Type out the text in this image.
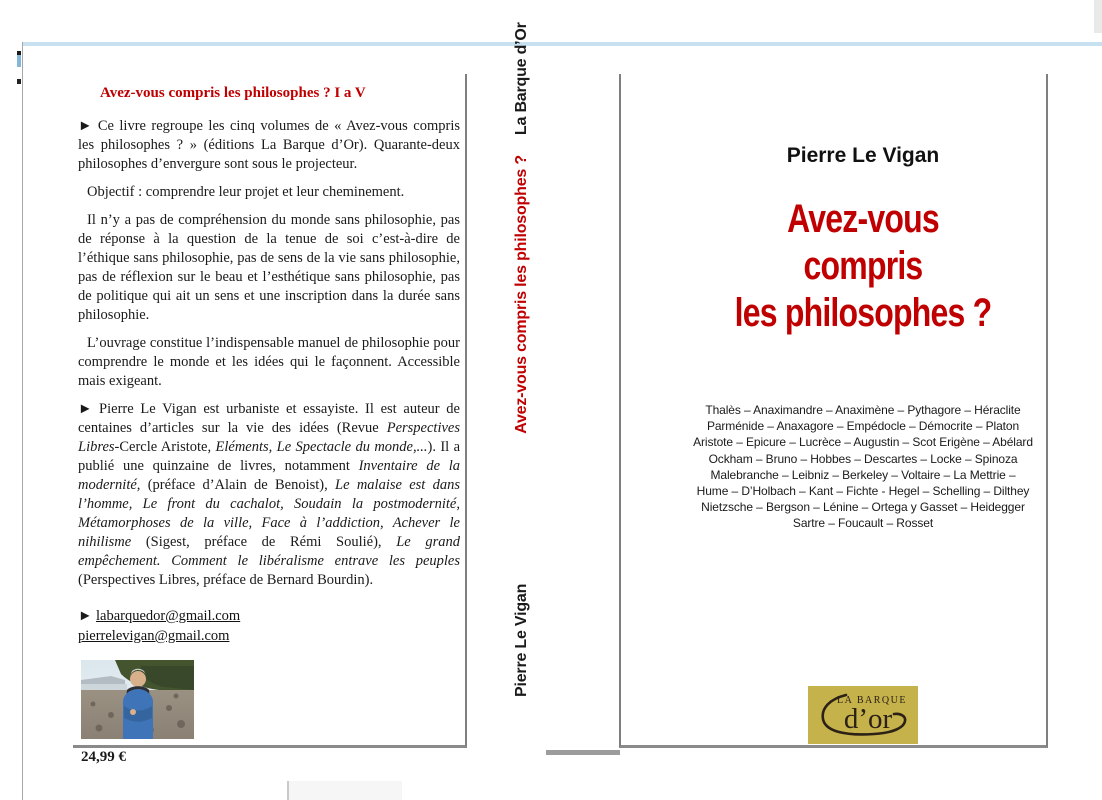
Avez-vous compris les philosophes ? I a V

► Ce livre regroupe les cinq volumes de « Avez-vous compris les philosophes ? » (éditions La Barque d’Or). Quarante-deux philosophes d’envergure sont sous le projecteur.

Objectif : comprendre leur projet et leur cheminement.

Il n’y a pas de compréhension du monde sans philosophie, pas de réponse à la question de la tenue de soi c’est-à-dire de l’éthique sans philosophie, pas de sens de la vie sans philosophie, pas de réflexion sur le beau et l’esthétique sans philosophie, pas de politique qui ait un sens et une inscription dans la durée sans philosophie.

L’ouvrage constitue l’indispensable manuel de philosophie pour comprendre le monde et les idées qui le façonnent. Accessible mais exigeant.

► Pierre Le Vigan est urbaniste et essayiste. Il est auteur de centaines d’articles sur la vie des idées (Revue Perspectives Libres-Cercle Aristote, Eléments, Le Spectacle du monde,...). Il a publié une quinzaine de livres, notamment Inventaire de la modernité, (préface d’Alain de Benoist), Le malaise est dans l’homme, Le front du cachalot, Soudain la postmodernité, Métamorphoses de la ville, Face à l’addiction, Achever le nihilisme (Sigest, préface de Rémi Soulié), Le grand empêchement. Comment le libéralisme entrave les peuples (Perspectives Libres, préface de Bernard Bourdin).

► labarquedor@gmail.com
pierrelevigan@gmail.com
24,99 €
Pierre Le Vigan
Avez-vous compris les philosophes ?
La Barque d’Or
Pierre Le Vigan
Avez-vous
compris
les philosophes ?
Thalès – Anaximandre – Anaximène – Pythagore – Héraclite
Parménide – Anaxagore – Empédocle – Démocrite – Platon
Aristote – Epicure – Lucrèce – Augustin – Scot Erigène – Abélard
Ockham – Bruno – Hobbes – Descartes – Locke – Spinoza
Malebranche – Leibniz – Berkeley – Voltaire – La Mettrie –
Hume – D’Holbach – Kant – Fichte - Hegel – Schelling – Dilthey
Nietzsche – Bergson – Lénine – Ortega y Gasset – Heidegger
Sartre – Foucault – Rosset
LA BARQUE
d’or
